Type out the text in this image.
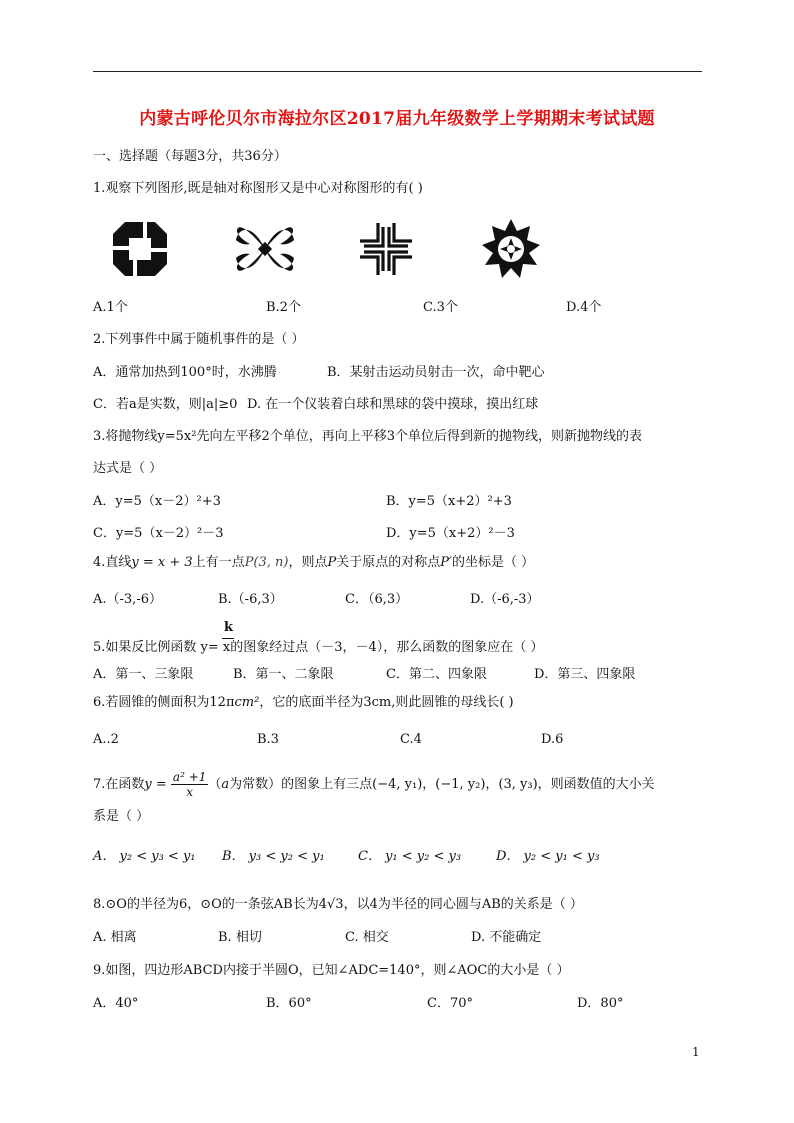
内蒙古呼伦贝尔市海拉尔区2017届九年级数学上学期期末考试试题
一、选择题（每题3分，共36分）
1.观察下列图形,既是轴对称图形又是中心对称图形的有( )
A.1个	B.2个	C.3个	D.4个
2.下列事件中属于随机事件的是（ ）
A．通常加热到100°时，水沸腾	B．某射击运动员射击一次，命中靶心
C．若a是实数，则|a|≥0 D. 在一个仪装着白球和黑球的袋中摸球，摸出红球
3.将抛物线y=5x²先向左平移2个单位，再向上平移3个单位后得到新的抛物线，则新抛物线的表
达式是（ ）
A．y=5（x－2）²+3	B．y=5（x+2）²+3
C．y=5（x－2）²－3	D．y=5（x+2）²－3
4.直线y = x + 3上有一点P(3, n)，则点P关于原点的对称点P′的坐标是（ ）
A.（-3,-6）	B.（-6,3）	C．（6,3）	D.（-6,-3）
k
5.如果反比例函数 y= x的图象经过点（－3，－4），那么函数的图象应在（ ）
A．第一、三象限	B．第一、二象限	C．第二、四象限	D．第三、四象限
6.若圆锥的侧面积为12πcm²，它的底面半径为3cm,则此圆锥的母线长( )
A..2	B.3	C.4	D.6
7.在函数$y = \frac{\text{a² +1}}{x} (a$为常数）的图象上有三点(−4, y₁)，(−1, y₂)，(3, y₃)，则函数值的大小关
系是（ ）
A． y₂ < y₃ < y₁ B． y₃ < y₂ < y₁	C． y₁ < y₂ < y₃	D． y₂ < y₁ < y₃
8.⊙O的半径为6，⊙O的一条弦AB长为4√3，以4为半径的同心圆与AB的关系是（ ）
A. 相离	B. 相切	C. 相交	D. 不能确定
9.如图，四边形ABCD内接于半圆O，已知∠ADC=140°，则∠AOC的大小是（ ）
A．40°	B．60°	C．70°	D．80°
1
